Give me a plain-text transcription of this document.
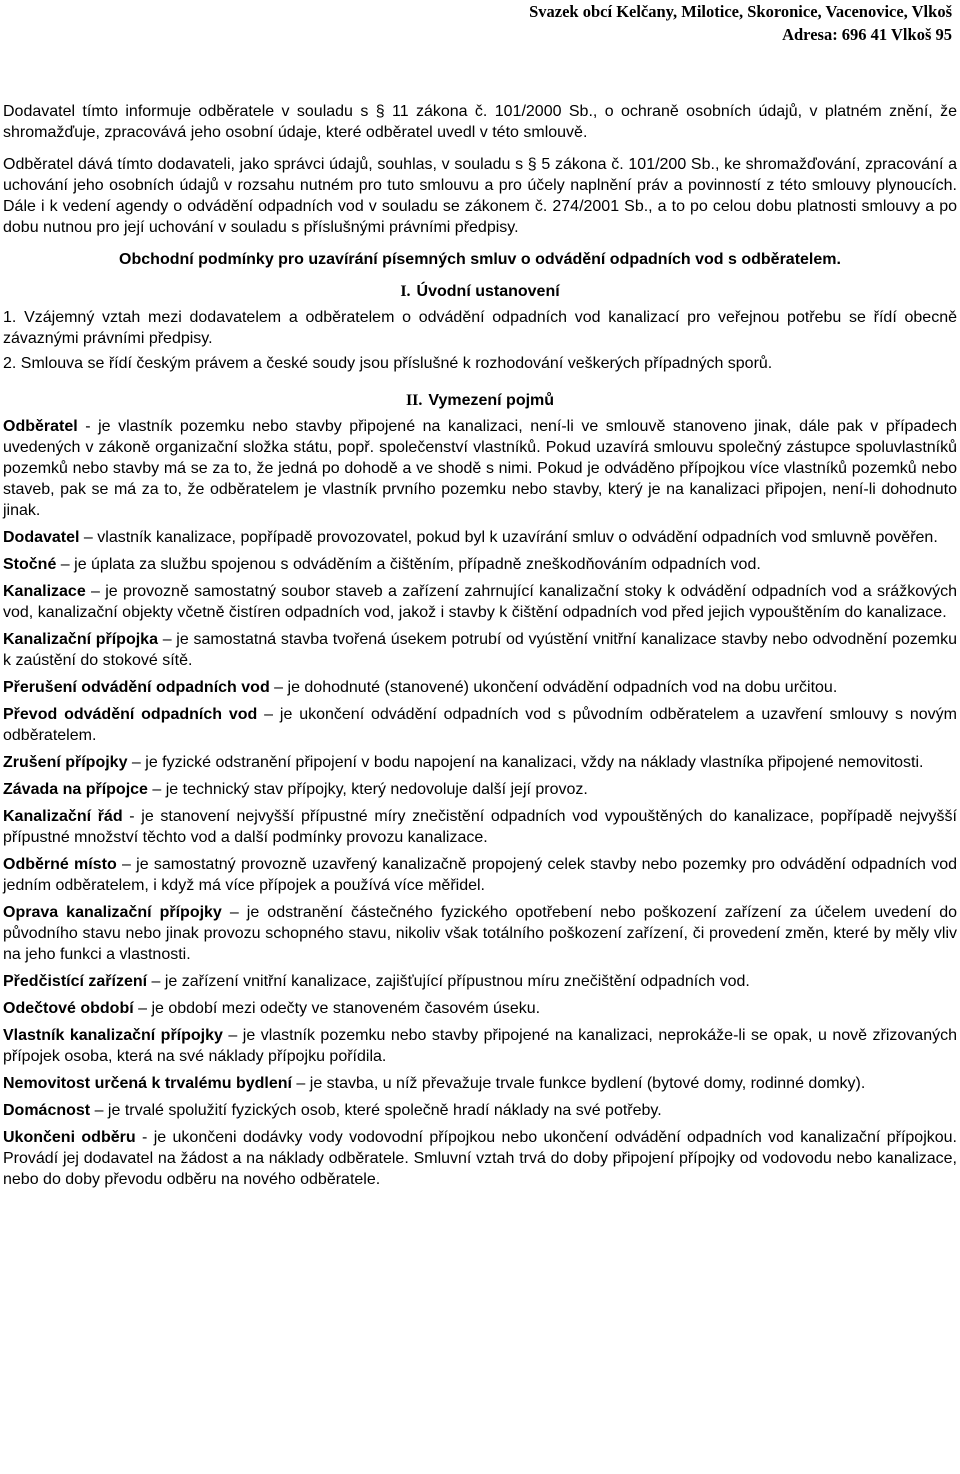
Svazek obcí Kelčany, Milotice, Skoronice, Vacenovice, Vlkoš
Adresa: 696 41 Vlkoš 95

Dodavatel tímto informuje odběratele v souladu s § 11 zákona č. 101/2000 Sb., o ochraně osobních údajů, v platném znění, že shromažďuje, zpracovává jeho osobní údaje, které odběratel uvedl v této smlouvě.

Odběratel dává tímto dodavateli, jako správci údajů, souhlas, v souladu s § 5 zákona č. 101/200 Sb., ke shromažďování, zpracování a uchování jeho osobních údajů v rozsahu nutném pro tuto smlouvu a pro účely naplnění práv a povinností z této smlouvy plynoucích. Dále i k vedení agendy o odvádění odpadních vod v souladu se zákonem č. 274/2001 Sb., a to po celou dobu platnosti smlouvy a po dobu nutnou pro její uchování v souladu s příslušnými právními předpisy.

Obchodní podmínky pro uzavírání písemných smluv o odvádění odpadních vod s odběratelem.
I. Úvodní ustanovení
1. Vzájemný vztah mezi dodavatelem a odběratelem o odvádění odpadních vod kanalizací pro veřejnou potřebu se řídí obecně závaznými právními předpisy.
2. Smlouva se řídí českým právem a české soudy jsou příslušné k rozhodování veškerých případných sporů.
II. Vymezení pojmů

Odběratel - je vlastník pozemku nebo stavby připojené na kanalizaci, není-li ve smlouvě stanoveno jinak, dále pak v případech uvedených v zákoně organizační složka státu, popř. společenství vlastníků. Pokud uzavírá smlouvu společný zástupce spoluvlastníků pozemků nebo stavby má se za to, že jedná po dohodě a ve shodě s nimi. Pokud je odváděno přípojkou více vlastníků pozemků nebo staveb, pak se má za to, že odběratelem je vlastník prvního pozemku nebo stavby, který je na kanalizaci připojen, není-li dohodnuto jinak.

Dodavatel – vlastník kanalizace, popřípadě provozovatel, pokud byl k uzavírání smluv o odvádění odpadních vod smluvně pověřen.

Stočné – je úplata za službu spojenou s odváděním a čištěním, případně zneškodňováním odpadních vod.

Kanalizace – je provozně samostatný soubor staveb a zařízení zahrnující kanalizační stoky k odvádění odpadních vod a srážkových vod, kanalizační objekty včetně čistíren odpadních vod, jakož i stavby k čištění odpadních vod před jejich vypouštěním do kanalizace.

Kanalizační přípojka – je samostatná stavba tvořená úsekem potrubí od vyústění vnitřní kanalizace stavby nebo odvodnění pozemku k zaústění do stokové sítě.

Přerušení odvádění odpadních vod – je dohodnuté (stanovené) ukončení odvádění odpadních vod na dobu určitou.

Převod odvádění odpadních vod – je ukončení odvádění odpadních vod s původním odběratelem a uzavření smlouvy s novým odběratelem.

Zrušení přípojky – je fyzické odstranění připojení v bodu napojení na kanalizaci, vždy na náklady vlastníka připojené nemovitosti.

Závada na přípojce – je technický stav přípojky, který nedovoluje další její provoz.

Kanalizační řád - je stanovení nejvyšší přípustné míry znečistění odpadních vod vypouštěných do kanalizace, popřípadě nejvyšší přípustné množství těchto vod a další podmínky provozu kanalizace.

Odběrné místo – je samostatný provozně uzavřený kanalizačně propojený celek stavby nebo pozemky pro odvádění odpadních vod jedním odběratelem, i když má více přípojek a používá více měřidel.

Oprava kanalizační přípojky – je odstranění částečného fyzického opotřebení nebo poškození zařízení za účelem uvedení do původního stavu nebo jinak provozu schopného stavu, nikoliv však totálního poškození zařízení, či provedení změn, které by měly vliv na jeho funkci a vlastnosti.

Předčistící zařízení – je zařízení vnitřní kanalizace, zajišťující přípustnou míru znečištění odpadních vod.

Odečtové období – je období mezi odečty ve stanoveném časovém úseku.

Vlastník kanalizační přípojky – je vlastník pozemku nebo stavby připojené na kanalizaci, neprokáže-li se opak, u nově zřizovaných přípojek osoba, která na své náklady přípojku pořídila.

Nemovitost určená k trvalému bydlení – je stavba, u níž převažuje trvale funkce bydlení (bytové domy, rodinné domky).

Domácnost – je trvalé spolužití fyzických osob, které společně hradí náklady na své potřeby.

Ukončeni odběru - je ukončeni dodávky vody vodovodní přípojkou nebo ukončení odvádění odpadních vod kanalizační přípojkou. Provádí jej dodavatel na žádost a na náklady odběratele. Smluvní vztah trvá do doby připojení přípojky od vodovodu nebo kanalizace, nebo do doby převodu odběru na nového odběratele.
